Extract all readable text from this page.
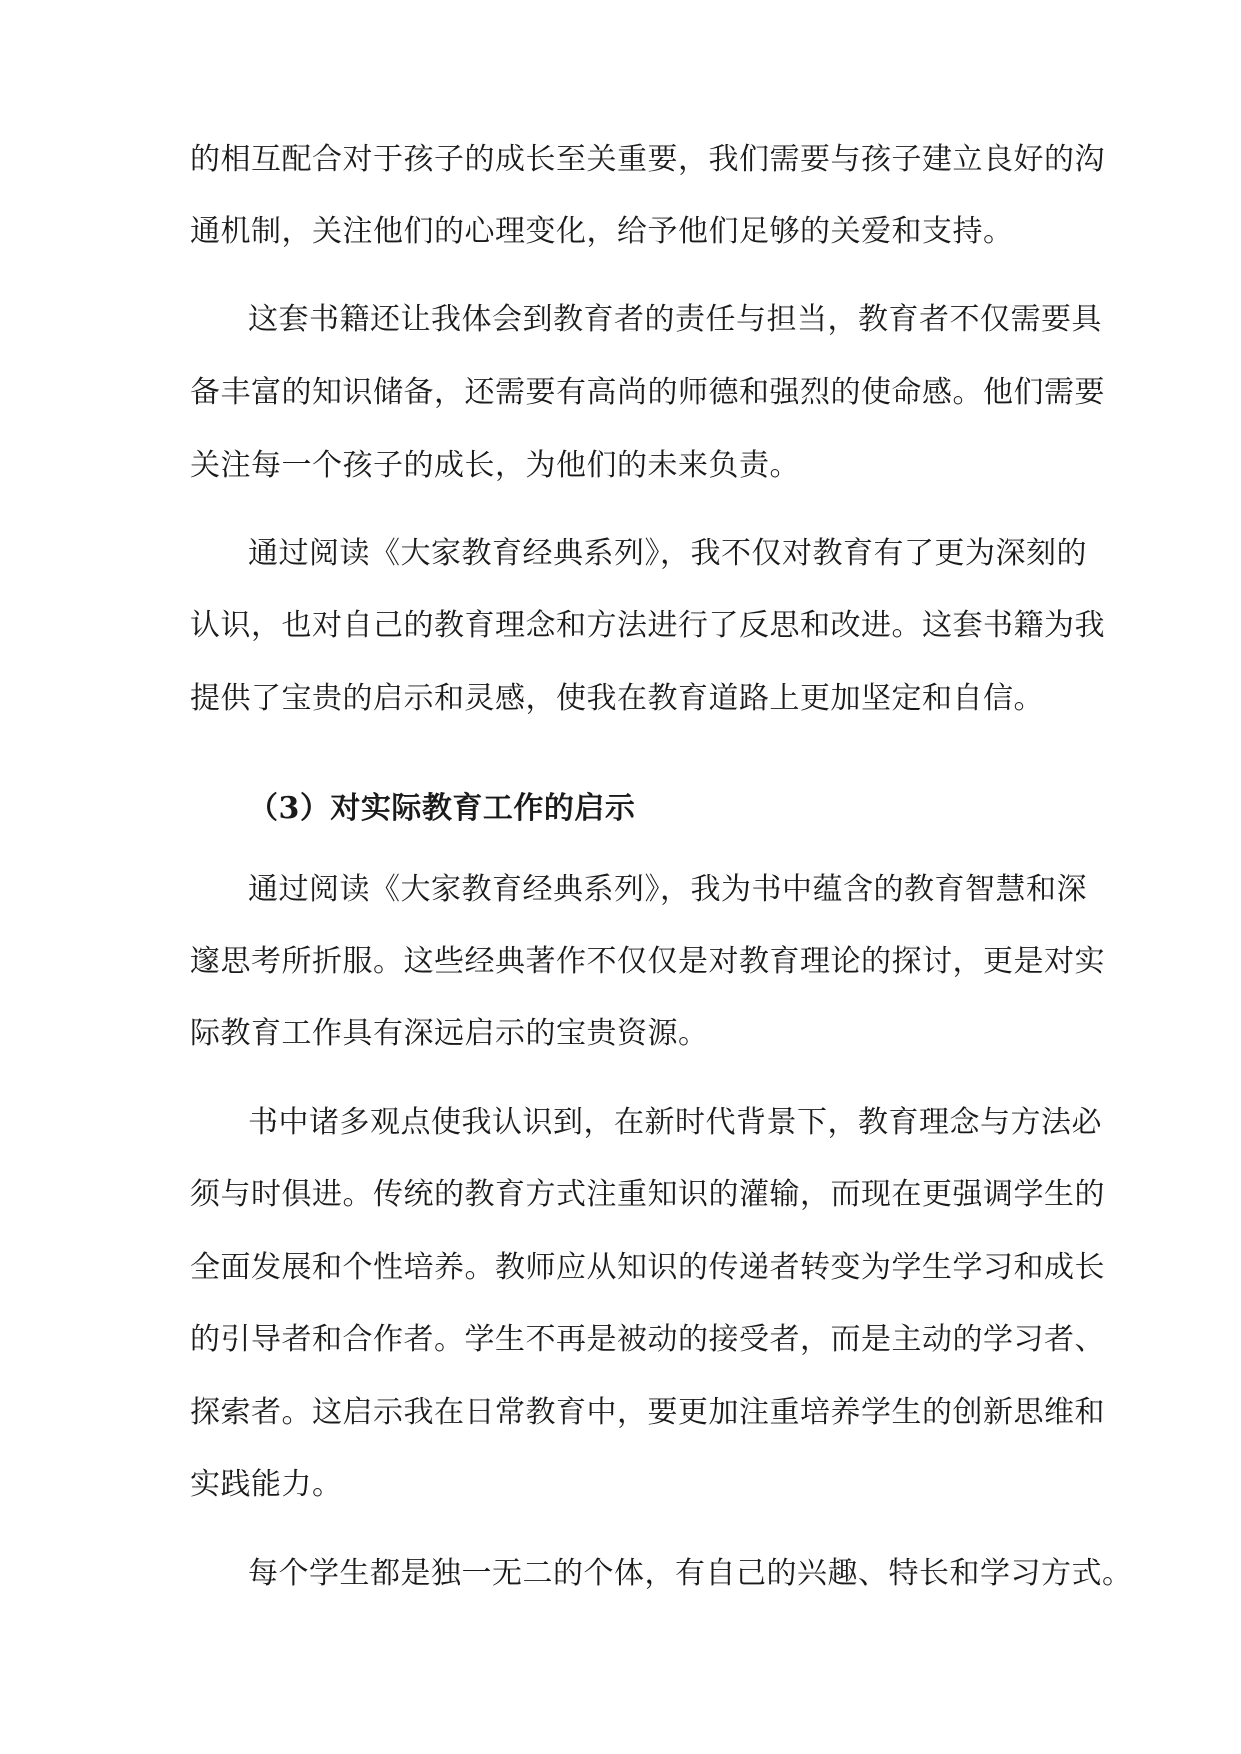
的相互配合对于孩子的成长至关重要，我们需要与孩子建立良好的沟
通机制，关注他们的心理变化，给予他们足够的关爱和支持。
这套书籍还让我体会到教育者的责任与担当，教育者不仅需要具
备丰富的知识储备，还需要有高尚的师德和强烈的使命感。他们需要
关注每一个孩子的成长，为他们的未来负责。
通过阅读《大家教育经典系列》，我不仅对教育有了更为深刻的
认识，也对自己的教育理念和方法进行了反思和改进。这套书籍为我
提供了宝贵的启示和灵感，使我在教育道路上更加坚定和自信。
（3）对实际教育工作的启示
通过阅读《大家教育经典系列》，我为书中蕴含的教育智慧和深
邃思考所折服。这些经典著作不仅仅是对教育理论的探讨，更是对实
际教育工作具有深远启示的宝贵资源。
书中诸多观点使我认识到，在新时代背景下，教育理念与方法必
须与时俱进。传统的教育方式注重知识的灌输，而现在更强调学生的
全面发展和个性培养。教师应从知识的传递者转变为学生学习和成长
的引导者和合作者。学生不再是被动的接受者，而是主动的学习者、
探索者。这启示我在日常教育中，要更加注重培养学生的创新思维和
实践能力。
每个学生都是独一无二的个体，有自己的兴趣、特长和学习方式。
